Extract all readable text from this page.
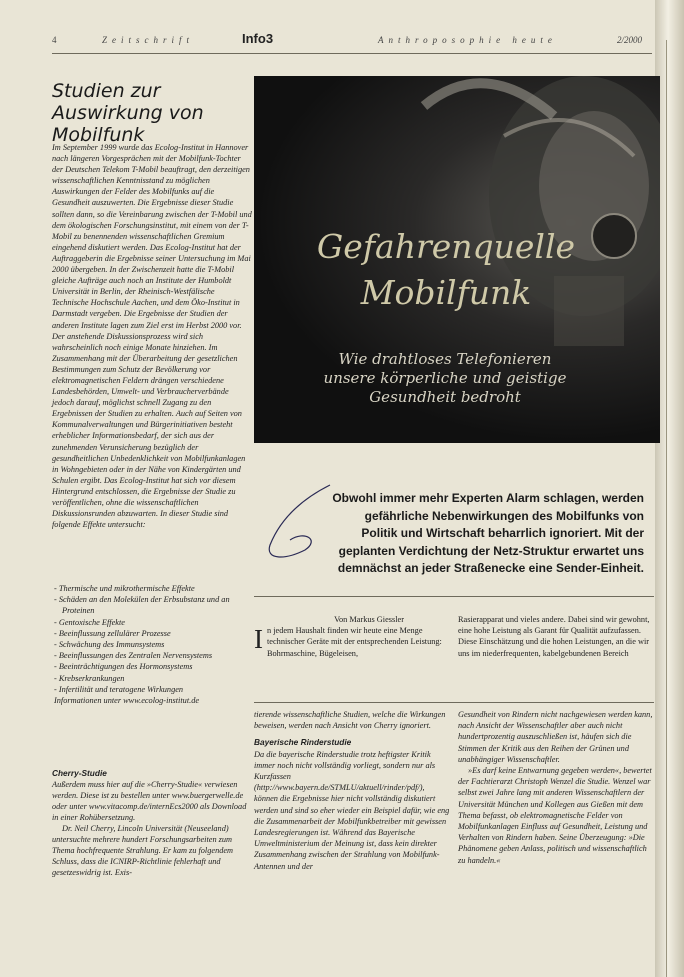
4	Zeitschrift	Info3	Anthroposophie heute	2/2000
Studien zur Auswirkung von Mobilfunk

Im September 1999 wurde das Ecolog-Institut in Hannover nach längeren Vorgesprächen mit der Mobilfunk-Tochter der Deutschen Telekom T-Mobil beauftragt, den derzeitigen wissenschaftlichen Kenntnisstand zu möglichen Auswirkungen der Felder des Mobilfunks auf die Gesundheit auszuwerten. Die Ergebnisse dieser Studie sollten dann, so die Vereinbarung zwischen der T-Mobil und dem ökologischen Forschungsinstitut, mit einem von der T-Mobil zu benennenden wissenschaftlichen Gremium eingehend diskutiert werden. Das Ecolog-Institut hat der Auftraggeberin die Ergebnisse seiner Untersuchung im Mai 2000 übergeben. In der Zwischenzeit hatte die T-Mobil gleiche Aufträge auch noch an Institute der Humboldt Universität in Berlin, der Rheinisch-Westfälische Technische Hochschule Aachen, und dem Öko-Institut in Darmstadt vergeben. Die Ergebnisse der Studien der anderen Institute lagen zum Ziel erst im Herbst 2000 vor. Der anstehende Diskussionsprozess wird sich wahrscheinlich noch einige Monate hinziehen. Im Zusammenhang mit der Überarbeitung der gesetzlichen Bestimmungen zum Schutz der Bevölkerung vor elektromagnetischen Feldern drängen verschiedene Landesbehörden, Umwelt- und Verbraucherverbände jedoch darauf, möglichst schnell Zugang zu den Ergebnissen der Studien zu erhalten. Auch auf Seiten von Kommunalverwaltungen und Bürgerinitiativen besteht erheblicher Informationsbedarf, der sich aus der zunehmenden Verunsicherung bezüglich der gesundheitlichen Unbedenklichkeit von Mobilfunkanlagen in Wohngebieten oder in der Nähe von Kindergärten und Schulen ergibt. Das Ecolog-Institut hat sich vor diesem Hintergrund entschlossen, die Ergebnisse der Studie zu veröffentlichen, ohne die wissenschaftlichen Diskussionsrunden abzuwarten. In dieser Studie sind folgende Effekte untersucht:

- Thermische und mikrothermische Effekte
- Schäden an den Molekülen der Erbsubstanz und an Proteinen
- Gentoxische Effekte
- Beeinflussung zellulärer Prozesse
- Schwächung des Immunsystems
- Beeinflussungen des Zentralen Nervensystems
- Beeinträchtigungen des Hormonsystems
- Krebserkrankungen
- Infertilität und teratogene Wirkungen
Informationen unter www.ecolog-institut.de
Cherry-Studie

Außerdem muss hier auf die »Cherry-Studie« verwiesen werden. Diese ist zu bestellen unter www.buergerwelle.de oder unter www.vitacomp.de/internEcs2000 als Download in einer Rohübersetzung.

Dr. Neil Cherry, Lincoln Universität (Neuseeland) untersuchte mehrere hundert Forschungsarbeiten zum Thema hochfrequente Strahlung. Er kam zu folgendem Schluss, dass die ICNIRP-Richtlinie fehlerhaft und gesetzeswidrig ist. Exis-

Gefahrenquelle
Mobilfunk
Wie drahtloses Telefonieren
unsere körperliche und geistige
Gesundheit bedroht
Obwohl immer mehr Experten Alarm schlagen, werden gefährliche Nebenwirkungen des Mobilfunks von Politik und Wirtschaft beharrlich ignoriert. Mit der geplanten Verdichtung der Netz-Struktur erwartet uns demnächst an jeder Straßenecke eine Sender-Einheit.
Von Markus Giessler
I n jedem Haushalt finden wir heute eine Menge technischer Geräte mit der entsprechenden Leistung: Bohrmaschine, Bügeleisen,

Rasierapparat und vieles andere. Dabei sind wir gewohnt, eine hohe Leistung als Garant für Qualität aufzufassen. Diese Einschätzung und die hohen Leistungen, an die wir uns im niederfrequenten, kabelgebundenen Bereich

tierende wissenschaftliche Studien, welche die Wirkungen beweisen, werden nach Ansicht von Cherry ignoriert.

Bayerische Rinderstudie

Da die bayerische Rinderstudie trotz heftigster Kritik immer noch nicht vollständig vorliegt, sondern nur als Kurzfassen (http://www.bayern.de/STMLU/aktuell/rinder/pdf/), können die Ergebnisse hier nicht vollständig diskutiert werden und sind so eher wieder ein Beispiel dafür, wie eng die Zusammenarbeit der Mobilfunkbetreiber mit gewissen Landesregierungen ist. Während das Bayerische Umweltministerium der Meinung ist, dass kein direkter Zusammenhang zwischen der Strahlung von Mobilfunk-Antennen und der

Gesundheit von Rindern nicht nachgewiesen werden kann, nach Ansicht der Wissenschaftler aber auch nicht hundertprozentig auszuschließen ist, häufen sich die Stimmen der Kritik aus den Reihen der Grünen und unabhängiger Wissenschaftler.

»Es darf keine Entwarnung gegeben werden«, bewertet der Fachtierarzt Christoph Wenzel die Studie. Wenzel war selbst zwei Jahre lang mit anderen Wissenschaftlern der Universität München und Kollegen aus Gießen mit dem Thema befasst, ob elektromagnetische Felder von Mobilfunkanlagen Einfluss auf Gesundheit, Leistung und Verhalten von Rindern haben. Seine Überzeugung: »Die Phänomene geben Anlass, politisch und wissenschaftlich zu handeln.«
